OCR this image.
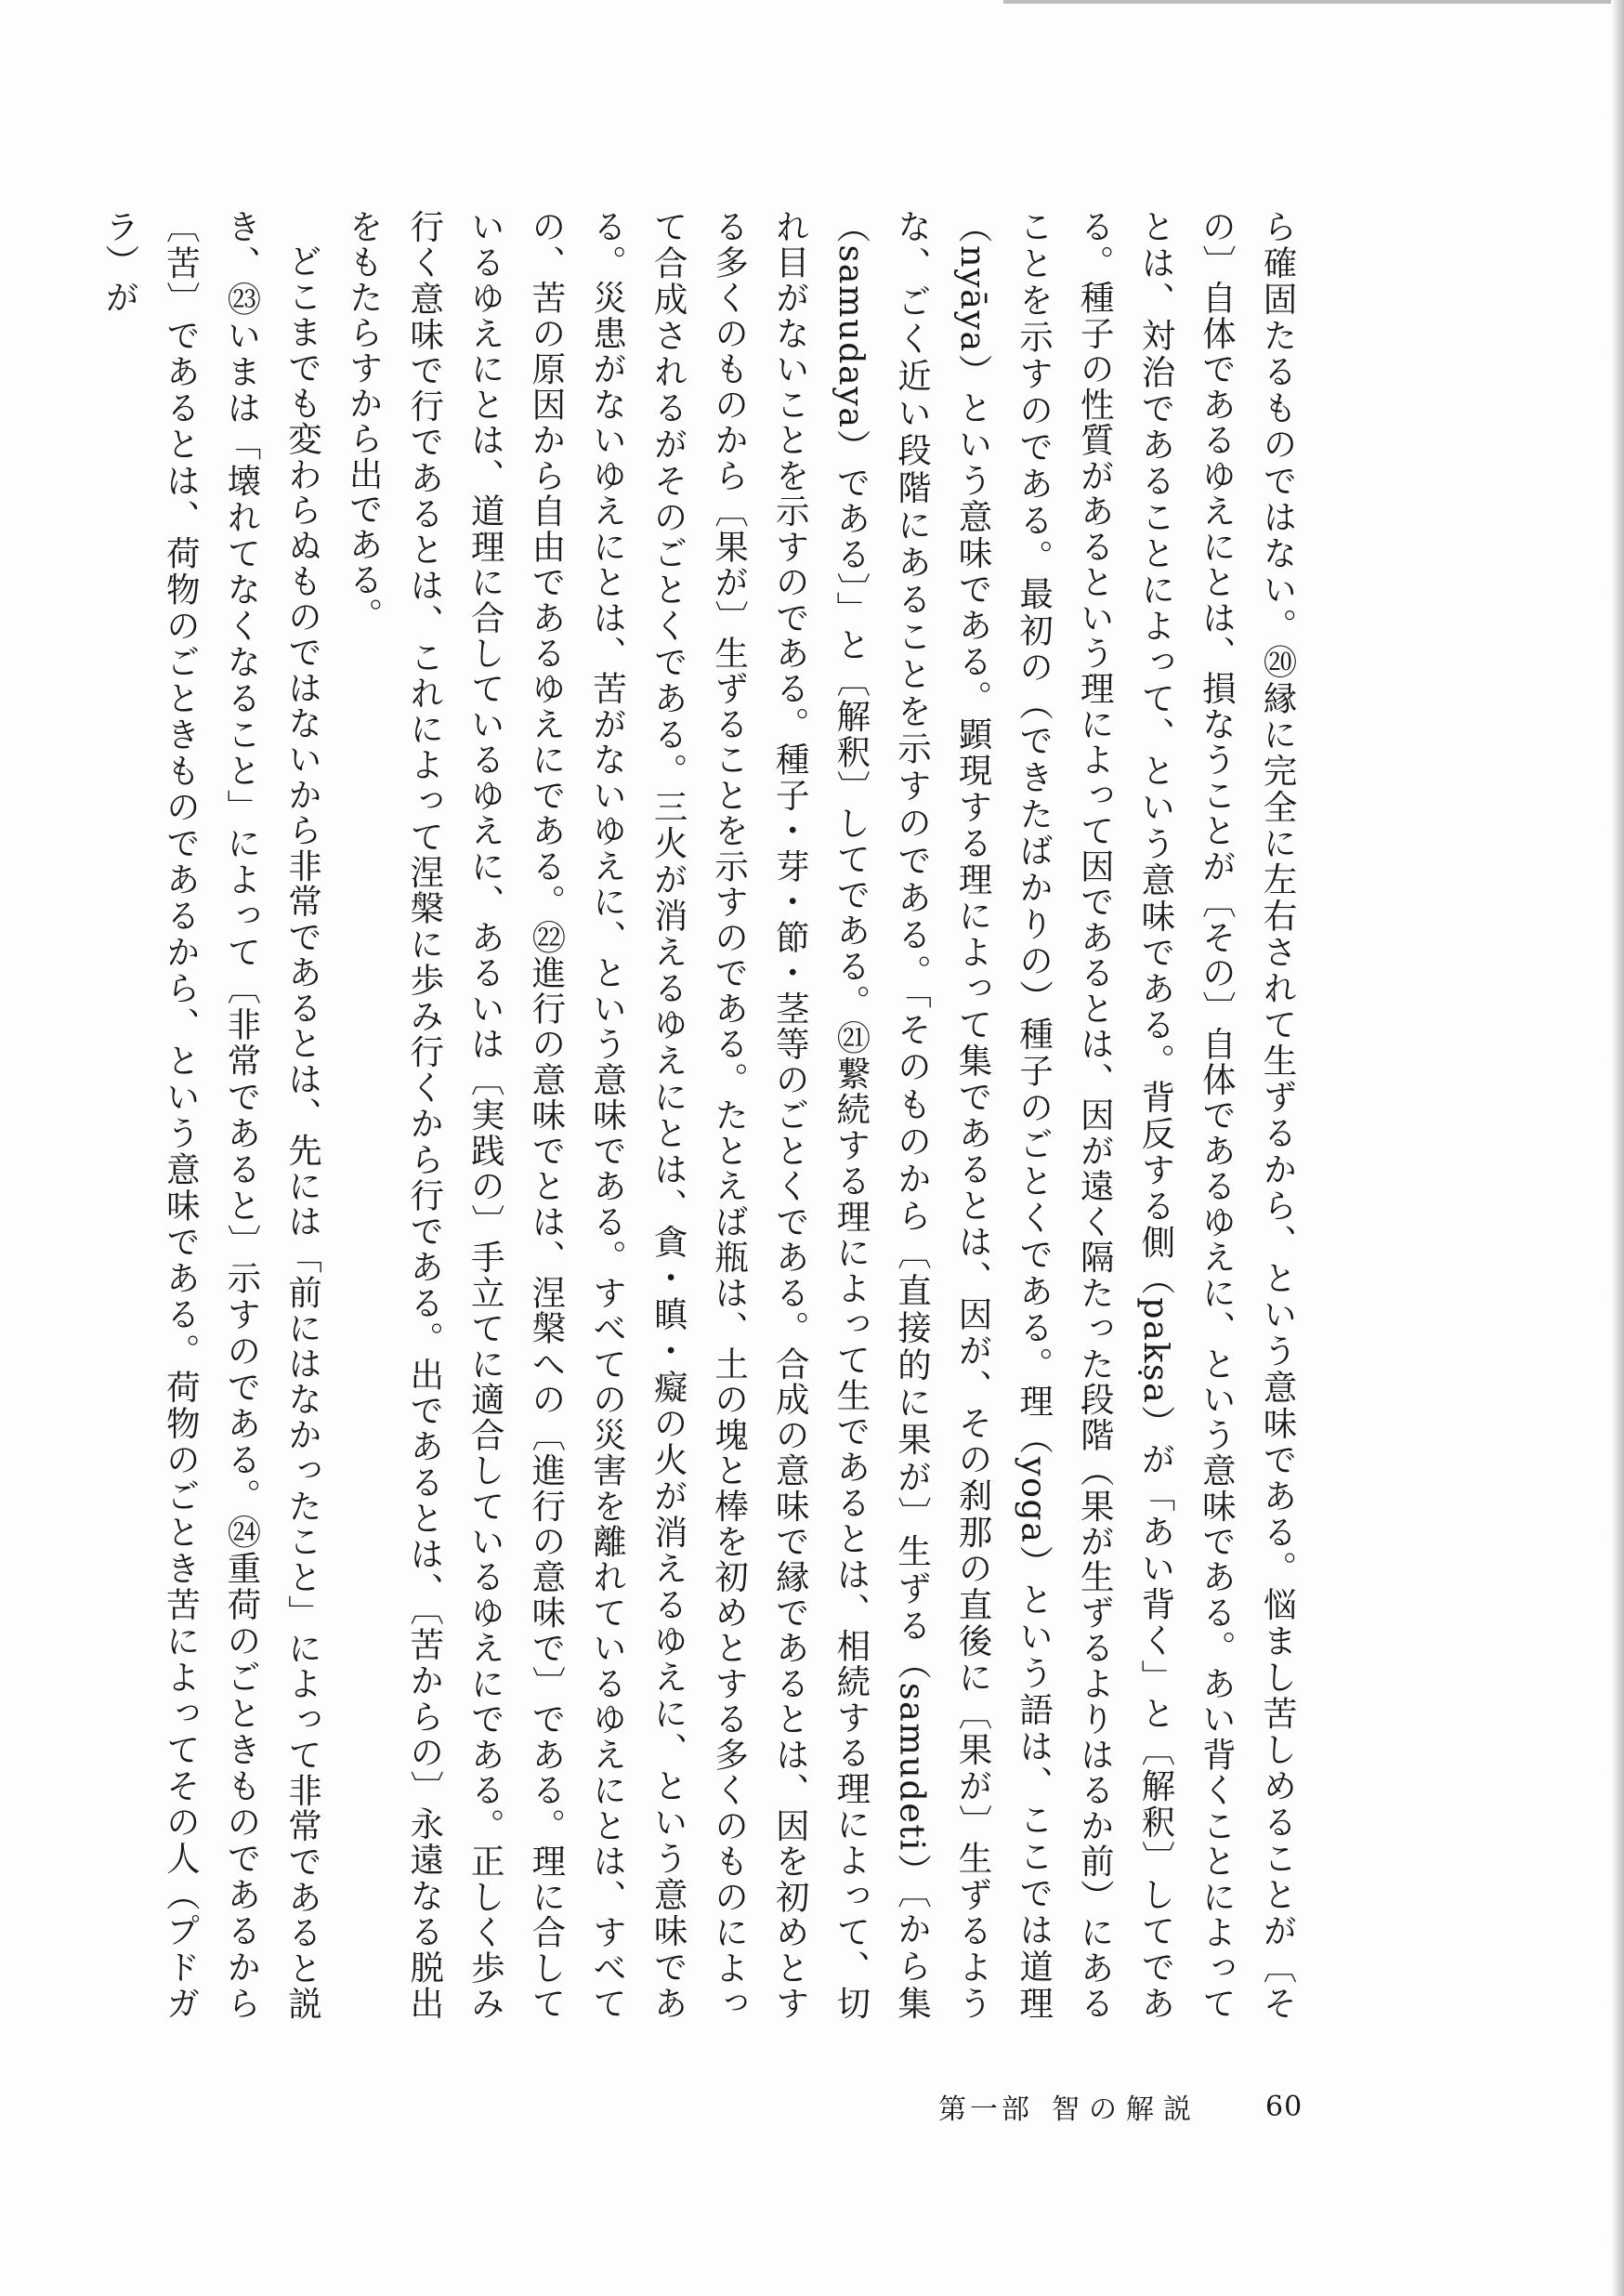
ら確固たるものではない。⑳縁に完全に左右されて生ずるから、という意味である。悩まし苦しめることが〔その〕自体であるゆえにとは、損なうことが〔その〕自体であるゆえに、という意味である。あい背くことによってとは、対治であることによって、という意味である。背反する側（pakṣa）が「あい背く」と〔解釈〕してである。種子の性質があるという理によって因であるとは、因が遠く隔たった段階（果が生ずるよりはるか前）にあることを示すのである。最初の（できたばかりの）種子のごとくである。理（yoga）という語は、ここでは道理（nyāya）という意味である。顕現する理によって集であるとは、因が、その刹那の直後に〔果が〕生ずるような、ごく近い段階にあることを示すのである。「そのものから〔直接的に果が〕生ずる（samudeti）〔から集（samudaya）である〕」と〔解釈〕してである。㉑繋続する理によって生であるとは、相続する理によって、切れ目がないことを示すのである。種子・芽・節・茎等のごとくである。合成の意味で縁であるとは、因を初めとする多くのものから〔果が〕生ずることを示すのである。たとえば瓶は、土の塊と棒を初めとする多くのものによって合成されるがそのごとくである。三火が消えるゆえにとは、貪・瞋・癡の火が消えるゆえに、という意味である。災患がないゆえにとは、苦がないゆえに、という意味である。すべての災害を離れているゆえにとは、すべての、苦の原因から自由であるゆえにである。㉒進行の意味でとは、涅槃への〔進行の意味で〕である。理に合しているゆえにとは、道理に合しているゆえに、あるいは〔実践の〕手立てに適合しているゆえにである。正しく歩み行く意味で行であるとは、これによって涅槃に歩み行くから行である。出であるとは、〔苦からの〕永遠なる脱出をもたらすから出である。

どこまでも変わらぬものではないから非常であるとは、先には「前にはなかったこと」によって非常であると説き、㉓いまは「壊れてなくなること」によって〔非常であると〕示すのである。㉔重荷のごときものであるから〔苦〕であるとは、荷物のごときものであるから、という意味である。荷物のごとき苦によってその人（プドガラ）が

第一部 智の解説 60
